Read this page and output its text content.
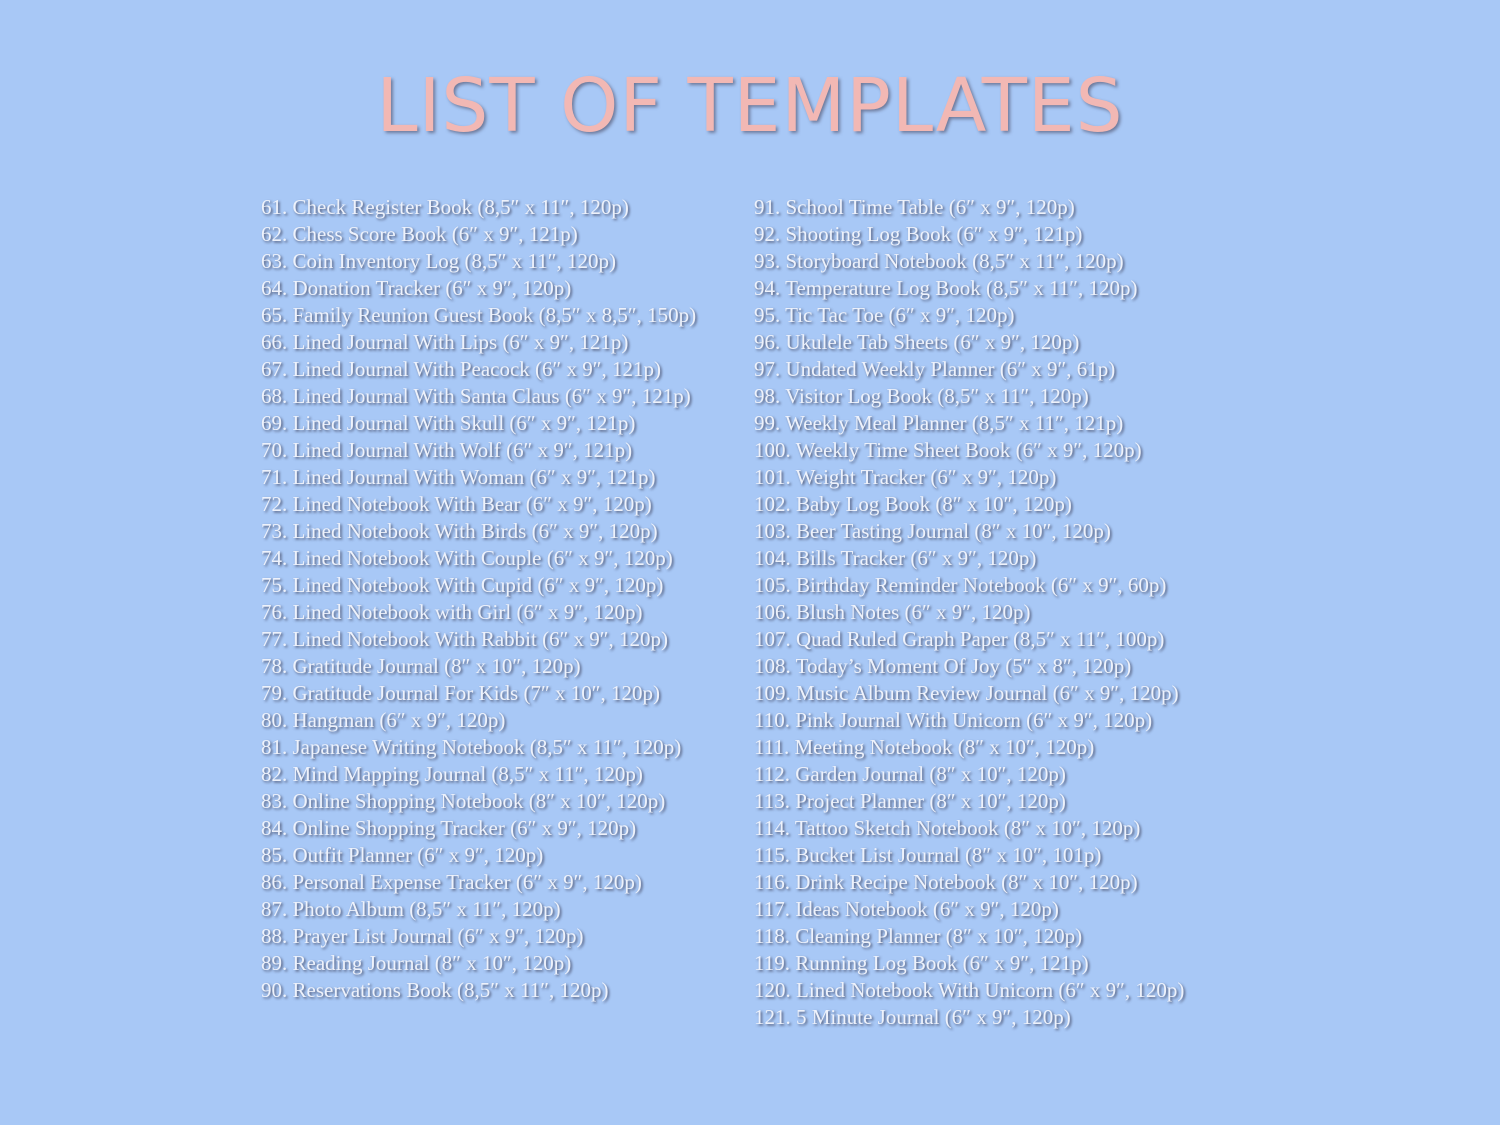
LIST OF TEMPLATES
61. Check Register Book (8,5″ x 11″, 120p)
62. Chess Score Book (6″ x 9″, 121p)
63. Coin Inventory Log (8,5″ x 11″, 120p)
64. Donation Tracker (6″ x 9″, 120p)
65. Family Reunion Guest Book (8,5″ x 8,5″, 150p)
66. Lined Journal With Lips (6″ x 9″, 121p)
67. Lined Journal With Peacock (6″ x 9″, 121p)
68. Lined Journal With Santa Claus (6″ x 9″, 121p)
69. Lined Journal With Skull (6″ x 9″, 121p)
70. Lined Journal With Wolf (6″ x 9″, 121p)
71. Lined Journal With Woman (6″ x 9″, 121p)
72. Lined Notebook With Bear (6″ x 9″, 120p)
73. Lined Notebook With Birds (6″ x 9″, 120p)
74. Lined Notebook With Couple (6″ x 9″, 120p)
75. Lined Notebook With Cupid (6″ x 9″, 120p)
76. Lined Notebook with Girl (6″ x 9″, 120p)
77. Lined Notebook With Rabbit (6″ x 9″, 120p)
78. Gratitude Journal (8″ x 10″, 120p)
79. Gratitude Journal For Kids (7″ x 10″, 120p)
80. Hangman (6″ x 9″, 120p)
81. Japanese Writing Notebook (8,5″ x 11″, 120p)
82. Mind Mapping Journal (8,5″ x 11″, 120p)
83. Online Shopping Notebook (8″ x 10″, 120p)
84. Online Shopping Tracker (6″ x 9″, 120p)
85. Outfit Planner (6″ x 9″, 120p)
86. Personal Expense Tracker (6″ x 9″, 120p)
87. Photo Album (8,5″ x 11″, 120p)
88. Prayer List Journal (6″ x 9″, 120p)
89. Reading Journal (8″ x 10″, 120p)
90. Reservations Book (8,5″ x 11″, 120p)
91. School Time Table (6″ x 9″, 120p)
92. Shooting Log Book (6″ x 9″, 121p)
93. Storyboard Notebook (8,5″ x 11″, 120p)
94. Temperature Log Book (8,5″ x 11″, 120p)
95. Tic Tac Toe (6″ x 9″, 120p)
96. Ukulele Tab Sheets (6″ x 9″, 120p)
97. Undated Weekly Planner (6″ x 9″, 61p)
98. Visitor Log Book (8,5″ x 11″, 120p)
99. Weekly Meal Planner (8,5″ x 11″, 121p)
100. Weekly Time Sheet Book (6″ x 9″, 120p)
101. Weight Tracker (6″ x 9″, 120p)
102. Baby Log Book (8″ x 10″, 120p)
103. Beer Tasting Journal (8″ x 10″, 120p)
104. Bills Tracker (6″ x 9″, 120p)
105. Birthday Reminder Notebook (6″ x 9″, 60p)
106. Blush Notes (6″ x 9″, 120p)
107. Quad Ruled Graph Paper (8,5″ x 11″, 100p)
108. Today’s Moment Of Joy (5″ x 8″, 120p)
109. Music Album Review Journal (6″ x 9″, 120p)
110. Pink Journal With Unicorn (6″ x 9″, 120p)
111. Meeting Notebook (8″ x 10″, 120p)
112. Garden Journal (8″ x 10″, 120p)
113. Project Planner (8″ x 10″, 120p)
114. Tattoo Sketch Notebook (8″ x 10″, 120p)
115. Bucket List Journal (8″ x 10″, 101p)
116. Drink Recipe Notebook (8″ x 10″, 120p)
117. Ideas Notebook (6″ x 9″, 120p)
118. Cleaning Planner (8″ x 10″, 120p)
119. Running Log Book (6″ x 9″, 121p)
120. Lined Notebook With Unicorn (6″ x 9″, 120p)
121. 5 Minute Journal (6″ x 9″, 120p)
